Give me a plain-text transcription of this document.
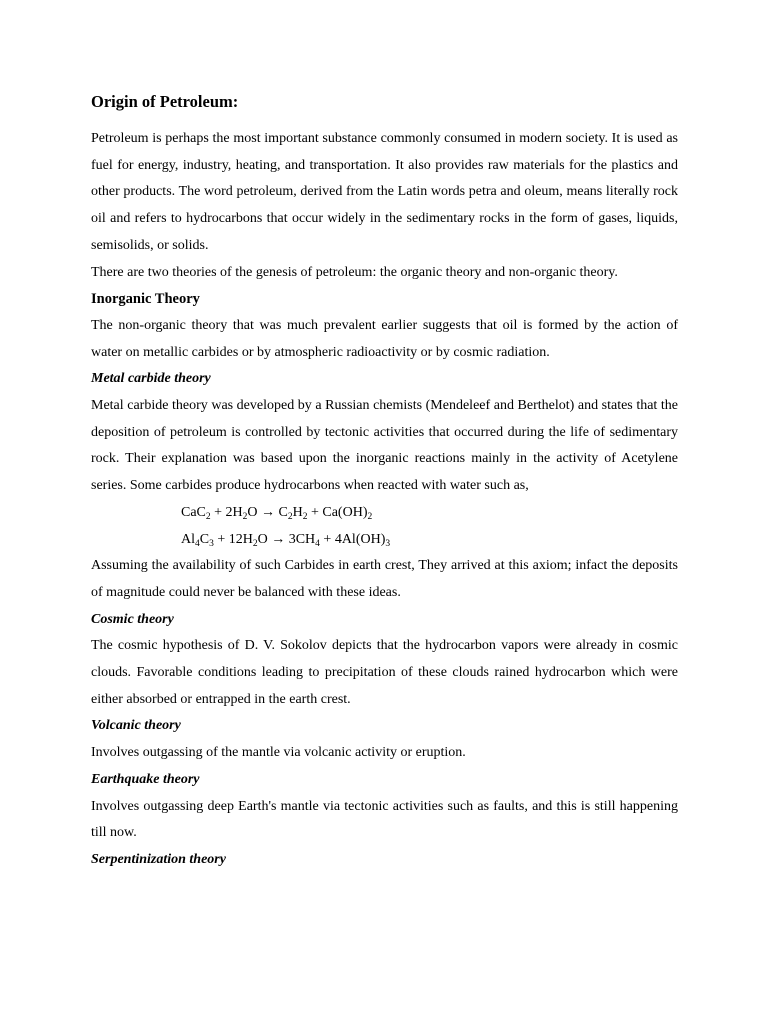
Origin of Petroleum:

Petroleum is perhaps the most important substance commonly consumed in modern society. It is used as fuel for energy, industry, heating, and transportation. It also provides raw materials for the plastics and other products. The word petroleum, derived from the Latin words petra and oleum, means literally rock oil and refers to hydrocarbons that occur widely in the sedimentary rocks in the form of gases, liquids, semisolids, or solids.

There are two theories of the genesis of petroleum: the organic theory and non-organic theory.

Inorganic Theory

The non-organic theory that was much prevalent earlier suggests that oil is formed by the action of water on metallic carbides or by atmospheric radioactivity or by cosmic radiation.

Metal carbide theory

Metal carbide theory was developed by a Russian chemists (Mendeleef and Berthelot) and states that the deposition of petroleum is controlled by tectonic activities that occurred during the life of sedimentary rock. Their explanation was based upon the inorganic reactions mainly in the activity of Acetylene series. Some carbides produce hydrocarbons when reacted with water such as,

$CaC_2 + 2H_2O \to C_2H_2 + Ca(OH)_2$

$Al_4C_3 + 12H_2O \to 3CH_4 + 4Al(OH)_3$

Assuming the availability of such Carbides in earth crest, They arrived at this axiom; infact the deposits of magnitude could never be balanced with these ideas.

Cosmic theory

The cosmic hypothesis of D. V. Sokolov depicts that the hydrocarbon vapors were already in cosmic clouds. Favorable conditions leading to precipitation of these clouds rained hydrocarbon which were either absorbed or entrapped in the earth crest.

Volcanic theory

Involves outgassing of the mantle via volcanic activity or eruption.

Earthquake theory

Involves outgassing deep Earth's mantle via tectonic activities such as faults, and this is still happening till now.

Serpentinization theory
